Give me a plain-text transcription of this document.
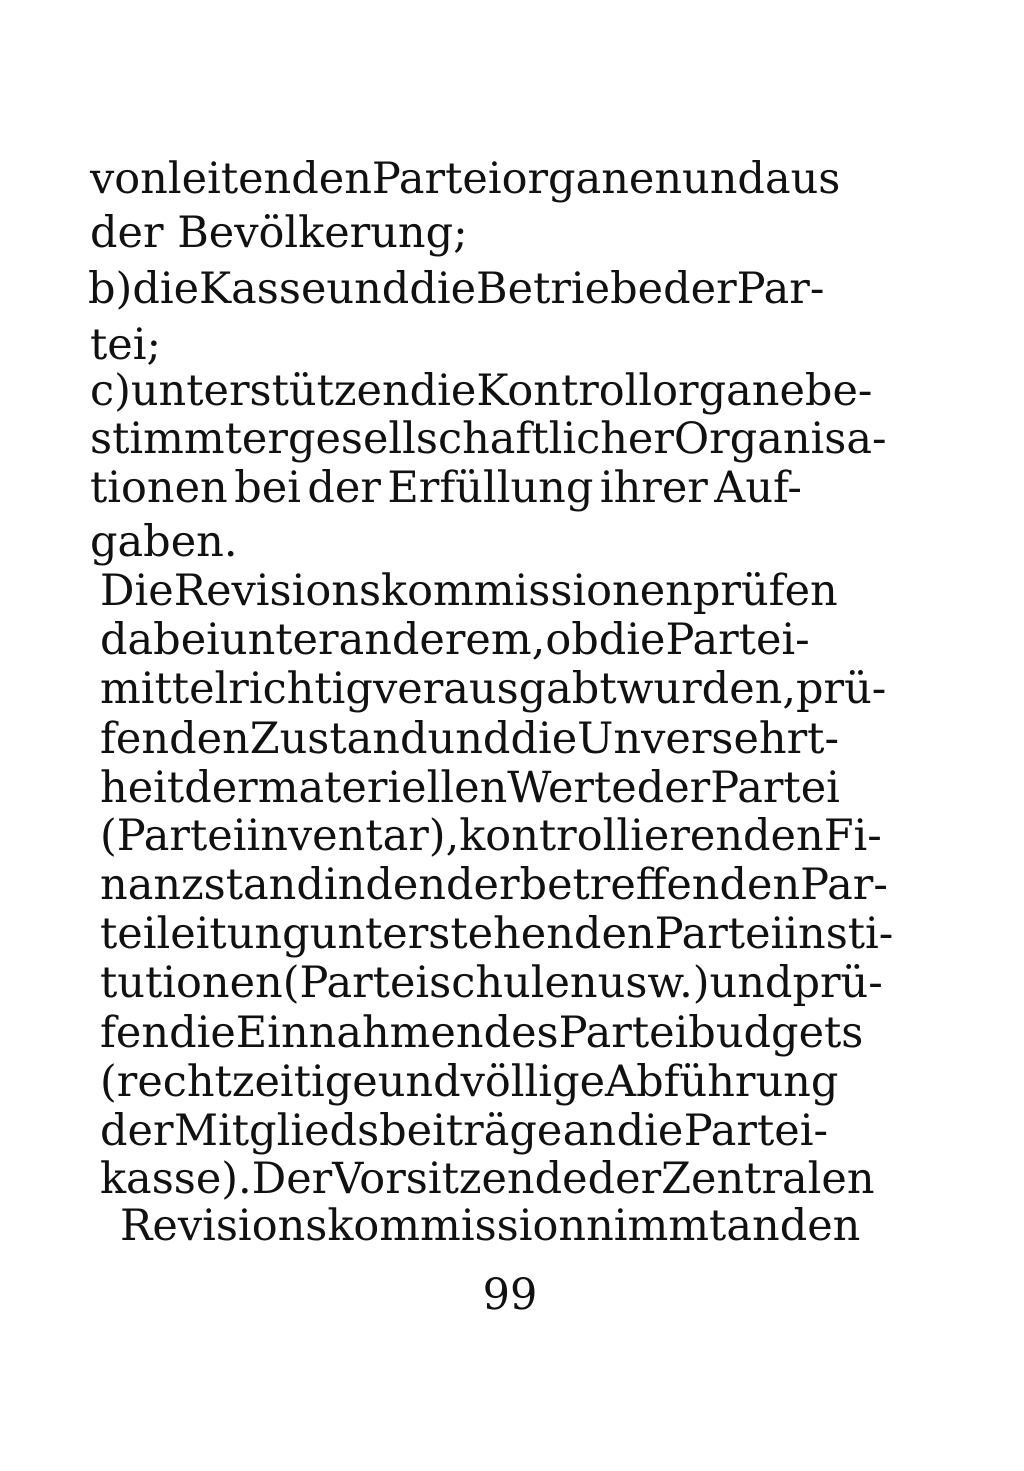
von leitenden Parteiorganen und aus
der Bevölkerung;
b) die Kasse und die Betriebe der Par-
tei;
c) unterstützen die Kontrollorgane be-
stimmter gesellschaftlicher Organisa-
tionen bei der Erfüllung ihrer Auf-
gaben.
Die Revisionskommissionen prüfen
dabei unter anderem, ob die Partei-
mittel richtig verausgabt wurden, prü-
fen den Zustand und die Unversehrt-
heit der materiellen Werte der Partei
(Parteiinventar), kontrollieren den Fi-
nanzstand in den der betreffenden Par-
teileitung unterstehenden Parteiinsti-
tutionen (Parteischulen usw.) und prü-
fen die Einnahmen des Parteibudgets
(rechtzeitige und völlige Abführung
der Mitgliedsbeiträge an die Partei-
kasse). Der Vorsitzende der Zentralen
Revisionskommission nimmt an den
99
